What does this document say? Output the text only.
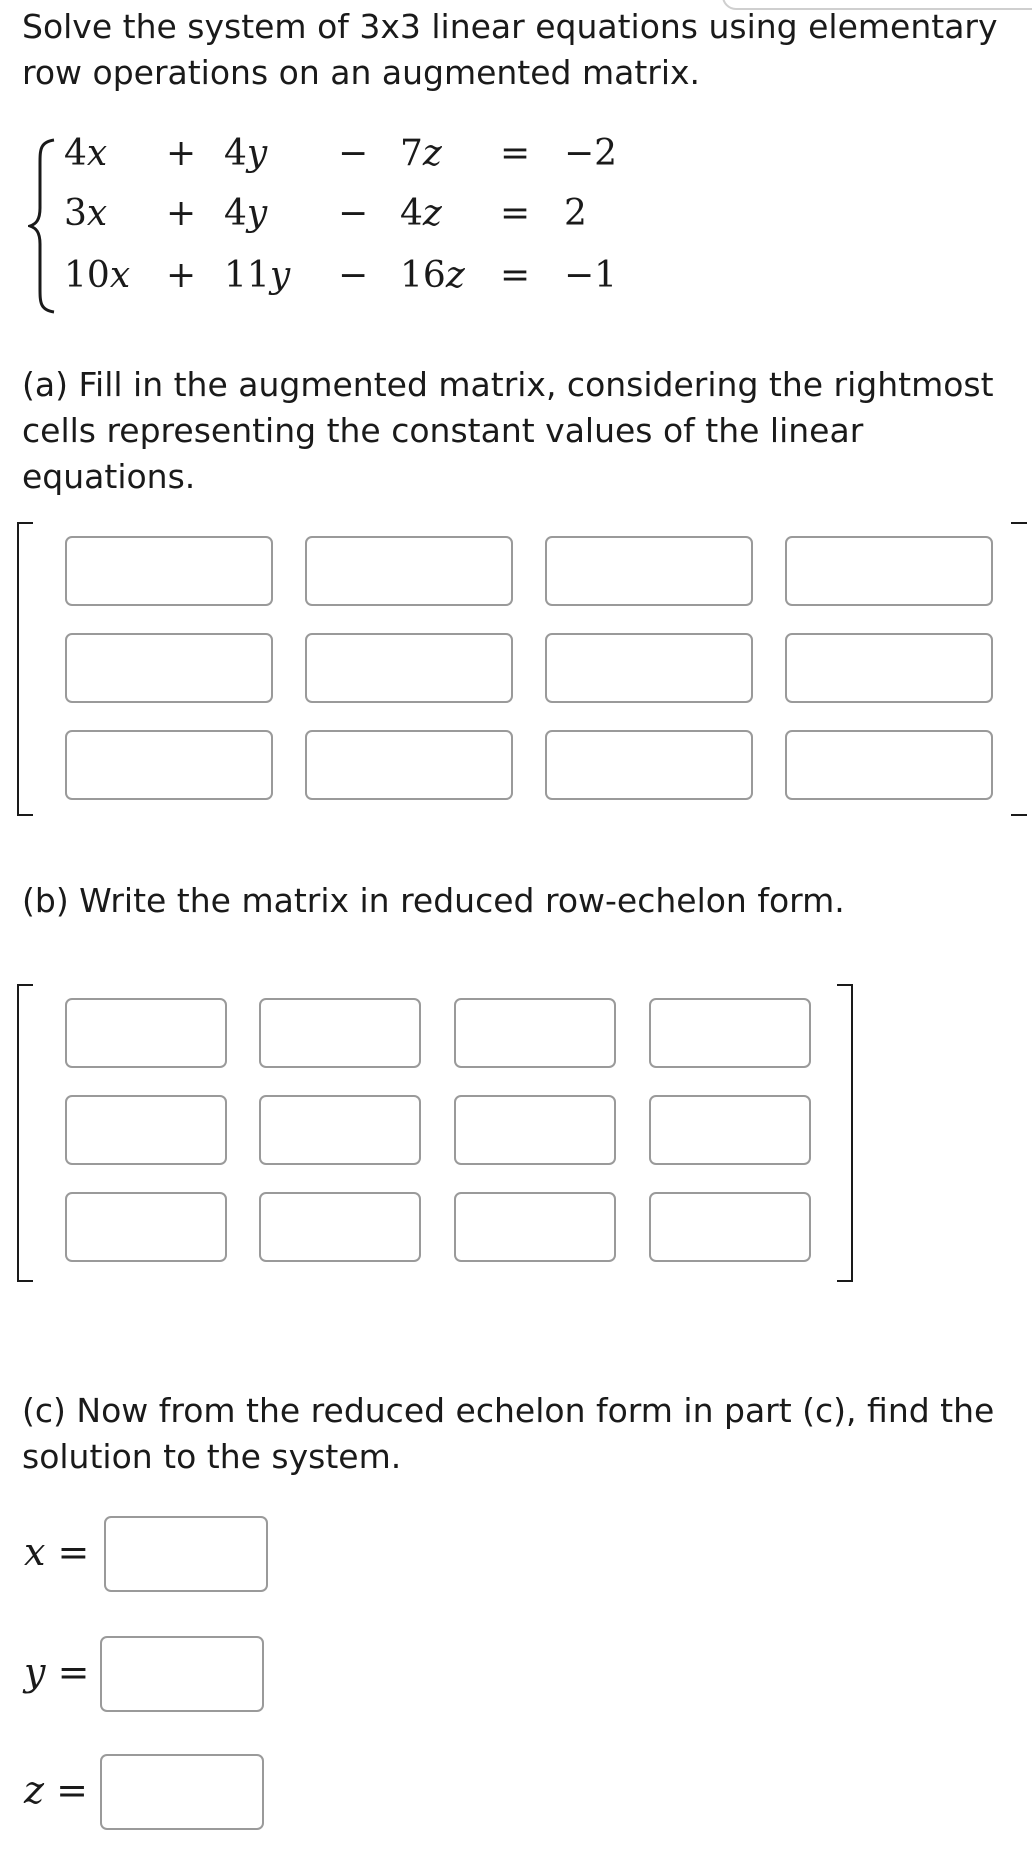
Solve the system of 3x3 linear equations using elementary row operations on an augmented matrix.

4x + 4y − 7z = −2
3x + 4y − 4z = 2
10x + 11y − 16z = −1

(a) Fill in the augmented matrix, considering the rightmost cells representing the constant values of the linear equations.

(b) Write the matrix in reduced row-echelon form.

(c) Now from the reduced echelon form in part (c), find the solution to the system.

x =
y =
z =
